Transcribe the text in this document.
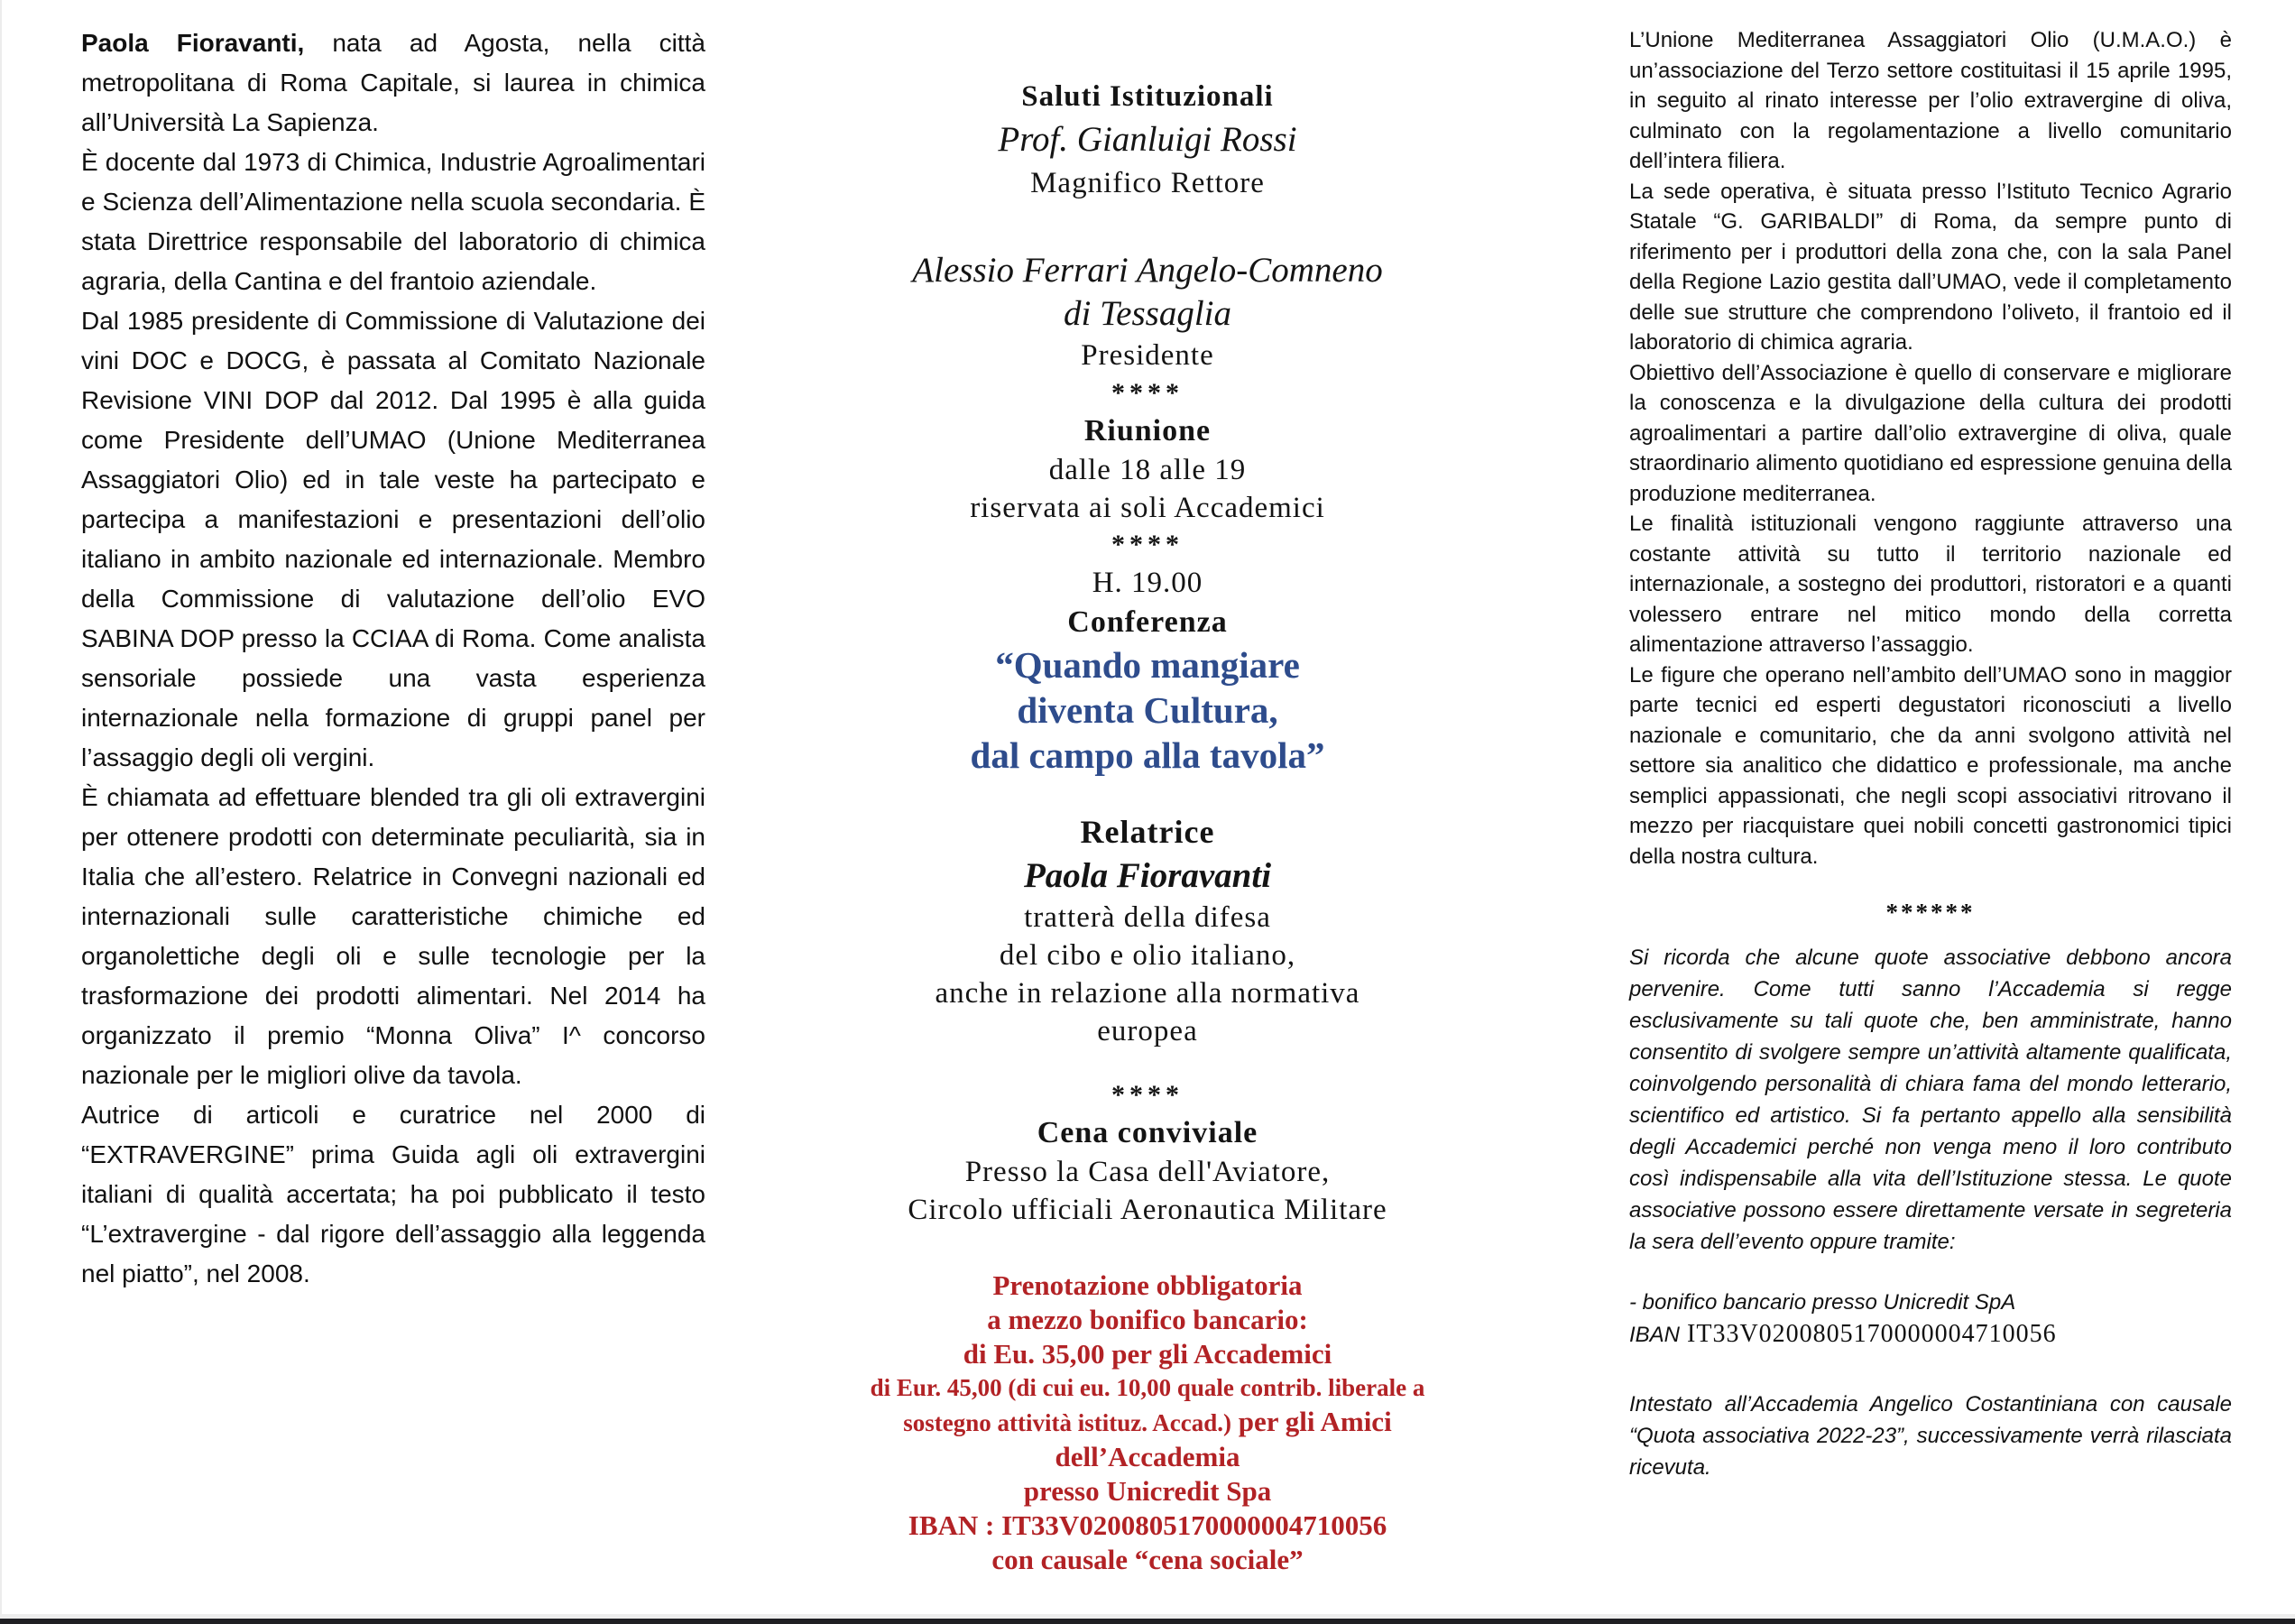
Paola Fioravanti, nata ad Agosta, nella città metropolitana di Roma Capitale, si laurea in chimica all’Università La Sapienza.

È docente dal 1973 di Chimica, Industrie Agroalimentari e Scienza dell’Alimentazione nella scuola secondaria. È stata Direttrice responsabile del laboratorio di chimica agraria, della Cantina e del frantoio aziendale.

Dal 1985 presidente di Commissione di Valutazione dei vini DOC e DOCG, è passata al Comitato Nazionale Revisione VINI DOP dal 2012. Dal 1995 è alla guida come Presidente dell’UMAO (Unione Mediterranea Assaggiatori Olio) ed in tale veste ha partecipato e partecipa a manifestazioni e presentazioni dell’olio italiano in ambito nazionale ed internazionale. Membro della Commissione di valutazione dell’olio EVO SABINA DOP presso la CCIAA di Roma. Come analista sensoriale possiede una vasta esperienza internazionale nella formazione di gruppi panel per l’assaggio degli oli vergini.

È chiamata ad effettuare blended tra gli oli extravergini per ottenere prodotti con determinate peculiarità, sia in Italia che all’estero. Relatrice in Convegni nazionali ed internazionali sulle caratteristiche chimiche ed organolettiche degli oli e sulle tecnologie per la trasformazione dei prodotti alimentari. Nel 2014 ha organizzato il premio “Monna Oliva” I^ concorso nazionale per le migliori olive da tavola.

Autrice di articoli e curatrice nel 2000 di “EXTRAVERGINE” prima Guida agli oli extravergini italiani di qualità accertata; ha poi pubblicato il testo “L’extravergine - dal rigore dell’assaggio alla leggenda nel piatto”, nel 2008.

Saluti Istituzionali
Prof. Gianluigi Rossi
Magnifico Rettore
Alessio Ferrari Angelo-Comneno
di Tessaglia
Presidente
****
Riunione
dalle 18 alle 19
riservata ai soli Accademici
****
H. 19.00
Conferenza
“Quando mangiare
diventa Cultura,
dal campo alla tavola”
Relatrice
Paola Fioravanti
tratterà della difesa
del cibo e olio italiano,
anche in relazione alla normativa
europea
****
Cena conviviale
Presso la Casa dell'Aviatore,
Circolo ufficiali Aeronautica Militare
Prenotazione obbligatoria
a mezzo bonifico bancario:
di Eu. 35,00 per gli Accademici
di Eur. 45,00 (di cui eu. 10,00 quale contrib. liberale a
sostegno attività istituz. Accad.) per gli Amici
dell’Accademia
presso Unicredit Spa
IBAN : IT33V0200805170000004710056
con causale “cena sociale”

L’Unione Mediterranea Assaggiatori Olio (U.M.A.O.) è un’associazione del Terzo settore costituitasi il 15 aprile 1995, in seguito al rinato interesse per l’olio extravergine di oliva, culminato con la regolamentazione a livello comunitario dell’intera filiera.

La sede operativa, è situata presso l’Istituto Tecnico Agrario Statale “G. GARIBALDI” di Roma, da sempre punto di riferimento per i produttori della zona che, con la sala Panel della Regione Lazio gestita dall’UMAO, vede il completamento delle sue strutture che comprendono l’oliveto, il frantoio ed il laboratorio di chimica agraria.

Obiettivo dell’Associazione è quello di conservare e migliorare la conoscenza e la divulgazione della cultura dei prodotti agroalimentari a partire dall’olio extravergine di oliva, quale straordinario alimento quotidiano ed espressione genuina della produzione mediterranea.

Le finalità istituzionali vengono raggiunte attraverso una costante attività su tutto il territorio nazionale ed internazionale, a sostegno dei produttori, ristoratori e a quanti volessero entrare nel mitico mondo della corretta alimentazione attraverso l’assaggio.

Le figure che operano nell’ambito dell’UMAO sono in maggior parte tecnici ed esperti degustatori riconosciuti a livello nazionale e comunitario, che da anni svolgono attività nel settore sia analitico che didattico e professionale, ma anche semplici appassionati, che negli scopi associativi ritrovano il mezzo per riacquistare quei nobili concetti gastronomici tipici della nostra cultura.

******

Si ricorda che alcune quote associative debbono ancora pervenire. Come tutti sanno l’Accademia si regge esclusivamente su tali quote che, ben amministrate, hanno consentito di svolgere sempre un’attività altamente qualificata, coinvolgendo personalità di chiara fama del mondo letterario, scientifico ed artistico. Si fa pertanto appello alla sensibilità degli Accademici perché non venga meno il loro contributo così indispensabile alla vita dell’Istituzione stessa. Le quote associative possono essere direttamente versate in segreteria la sera dell’evento oppure tramite:

- bonifico bancario presso Unicredit SpA

IBAN IT33V0200805170000004710056

Intestato all’Accademia Angelico Costantiniana con causale “Quota associativa 2022-23”, successivamente verrà rilasciata ricevuta.
